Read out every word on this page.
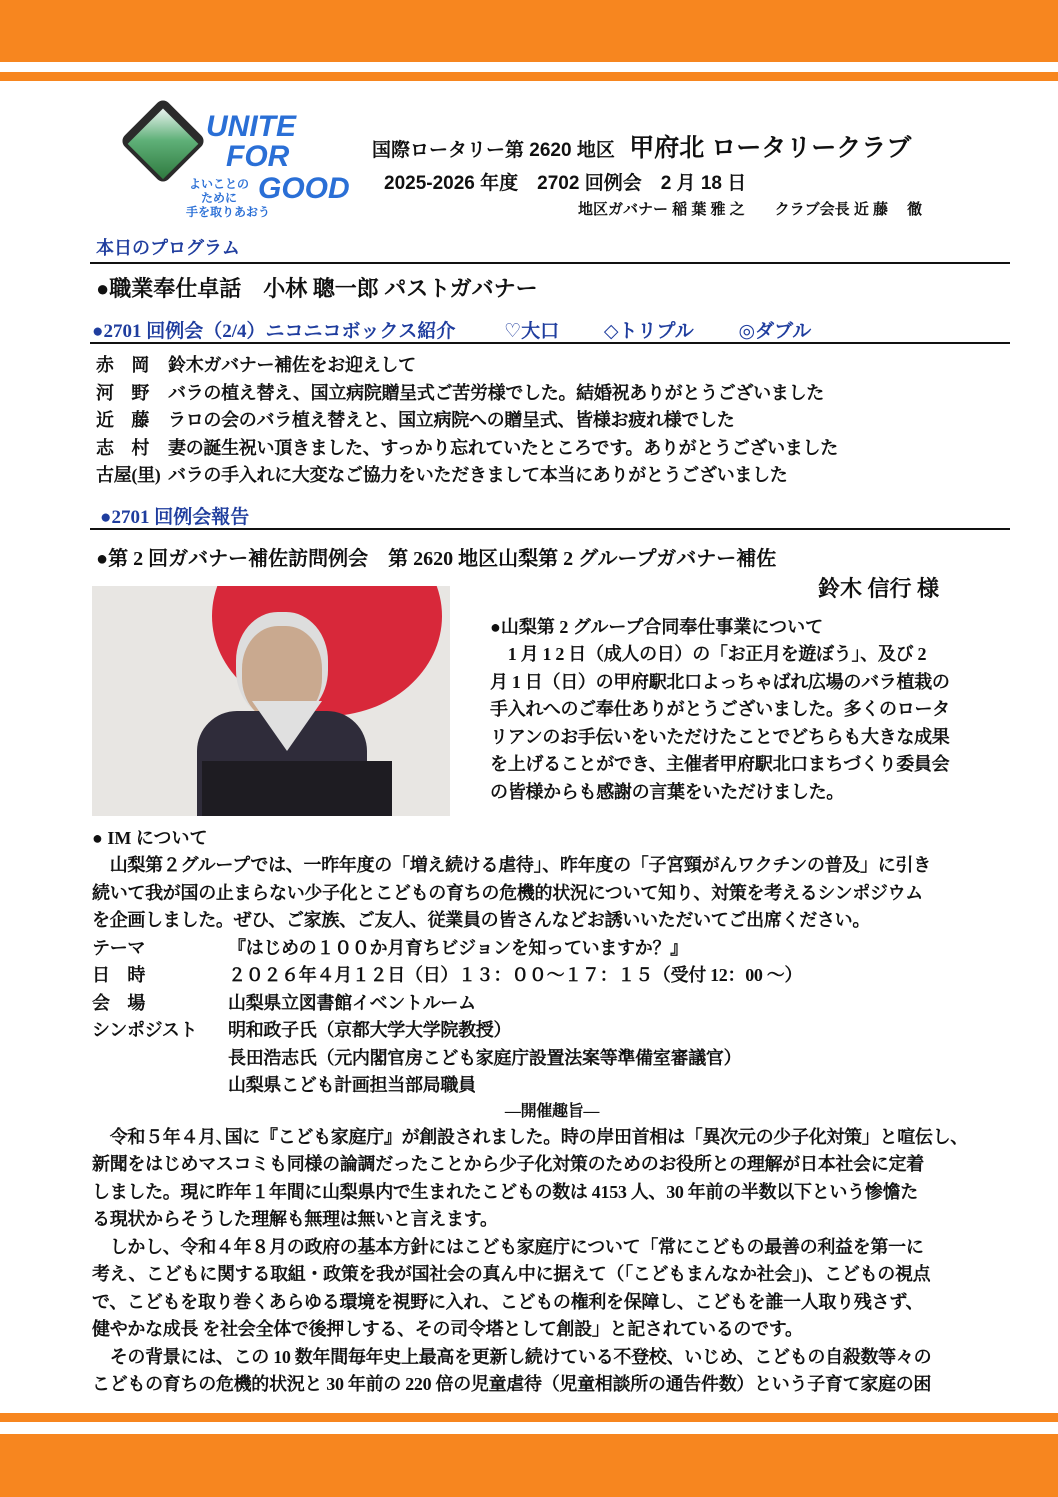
UNITE
FOR
GOOD
よいことの
ために
手を取りあおう
国際ロータリー第 2620 地区 甲府北 ロータリークラブ
2025-2026 年度　2702 回例会　2 月 18 日
地区ガバナー 稲 葉 雅 之　　クラブ会長 近 藤　 徹
本日のプログラム
●職業奉仕卓話　小林 聰一郎 パストガバナー
●2701 回例会（2/4）ニコニコボックス紹介	♡大口 ◇トリプル ◎ダブル
赤　岡 鈴木ガバナー補佐をお迎えして
河　野 バラの植え替え、国立病院贈呈式ご苦労様でした。結婚祝ありがとうございました
近　藤 ラロの会のバラ植え替えと、国立病院への贈呈式、皆様お疲れ様でした
志　村 妻の誕生祝い頂きました、すっかり忘れていたところです。ありがとうございました
古屋(里) バラの手入れに大変なご協力をいただきまして本当にありがとうございました
●2701 回例会報告
●第 2 回ガバナー補佐訪問例会　第 2620 地区山梨第 2 グループガバナー補佐
鈴木 信行 様
●山梨第 2 グループ合同奉仕事業について
　1 月 1 2 日（成人の日）の「お正月を遊ぼう」、及び 2
月 1 日（日）の甲府駅北口よっちゃばれ広場のバラ植栽の
手入れへのご奉仕ありがとうございました。多くのロータ
リアンのお手伝いをいただけたことでどちらも大きな成果
を上げることができ、主催者甲府駅北口まちづくり委員会
の皆様からも感謝の言葉をいただけました。
● IM について
　山梨第２グループでは、一昨年度の「増え続ける虐待」、昨年度の「子宮頸がんワクチンの普及」に引き
続いて我が国の止まらない少子化とこどもの育ちの危機的状況について知り、対策を考えるシンポジウム
を企画しました。ぜひ、ご家族、ご友人、従業員の皆さんなどお誘いいただいてご出席ください。
テーマ	『はじめの１００か月育ちビジョンを知っていますか？』
日　時	２０２６年４月１２日（日）１３：００～１７：１５（受付 12：00 ～）
会　場	山梨県立図書館イベントルーム
シンポジスト 明和政子氏（京都大学大学院教授）
長田浩志氏（元内閣官房こども家庭庁設置法案等準備室審議官）
山梨県こども計画担当部局職員
―開催趣旨―
　令和５年４月､国に『こども家庭庁』が創設されました。時の岸田首相は「異次元の少子化対策」と喧伝し、
新聞をはじめマスコミも同様の論調だったことから少子化対策のためのお役所との理解が日本社会に定着
しました。現に昨年１年間に山梨県内で生まれたこどもの数は 4153 人、30 年前の半数以下という惨憺た
る現状からそうした理解も無理は無いと言えます。
　しかし、令和４年８月の政府の基本方針にはこども家庭庁について「常にこどもの最善の利益を第一に
考え、こどもに関する取組・政策を我が国社会の真ん中に据えて（「こどもまんなか社会」)、こどもの視点
で、こどもを取り巻くあらゆる環境を視野に入れ、こどもの権利を保障し、こどもを誰一人取り残さず、
健やかな成長 を社会全体で後押しする、その司令塔として創設」と記されているのです。
　その背景には、この 10 数年間毎年史上最高を更新し続けている不登校、いじめ、こどもの自殺数等々の
こどもの育ちの危機的状況と 30 年前の 220 倍の児童虐待（児童相談所の通告件数）という子育て家庭の困
